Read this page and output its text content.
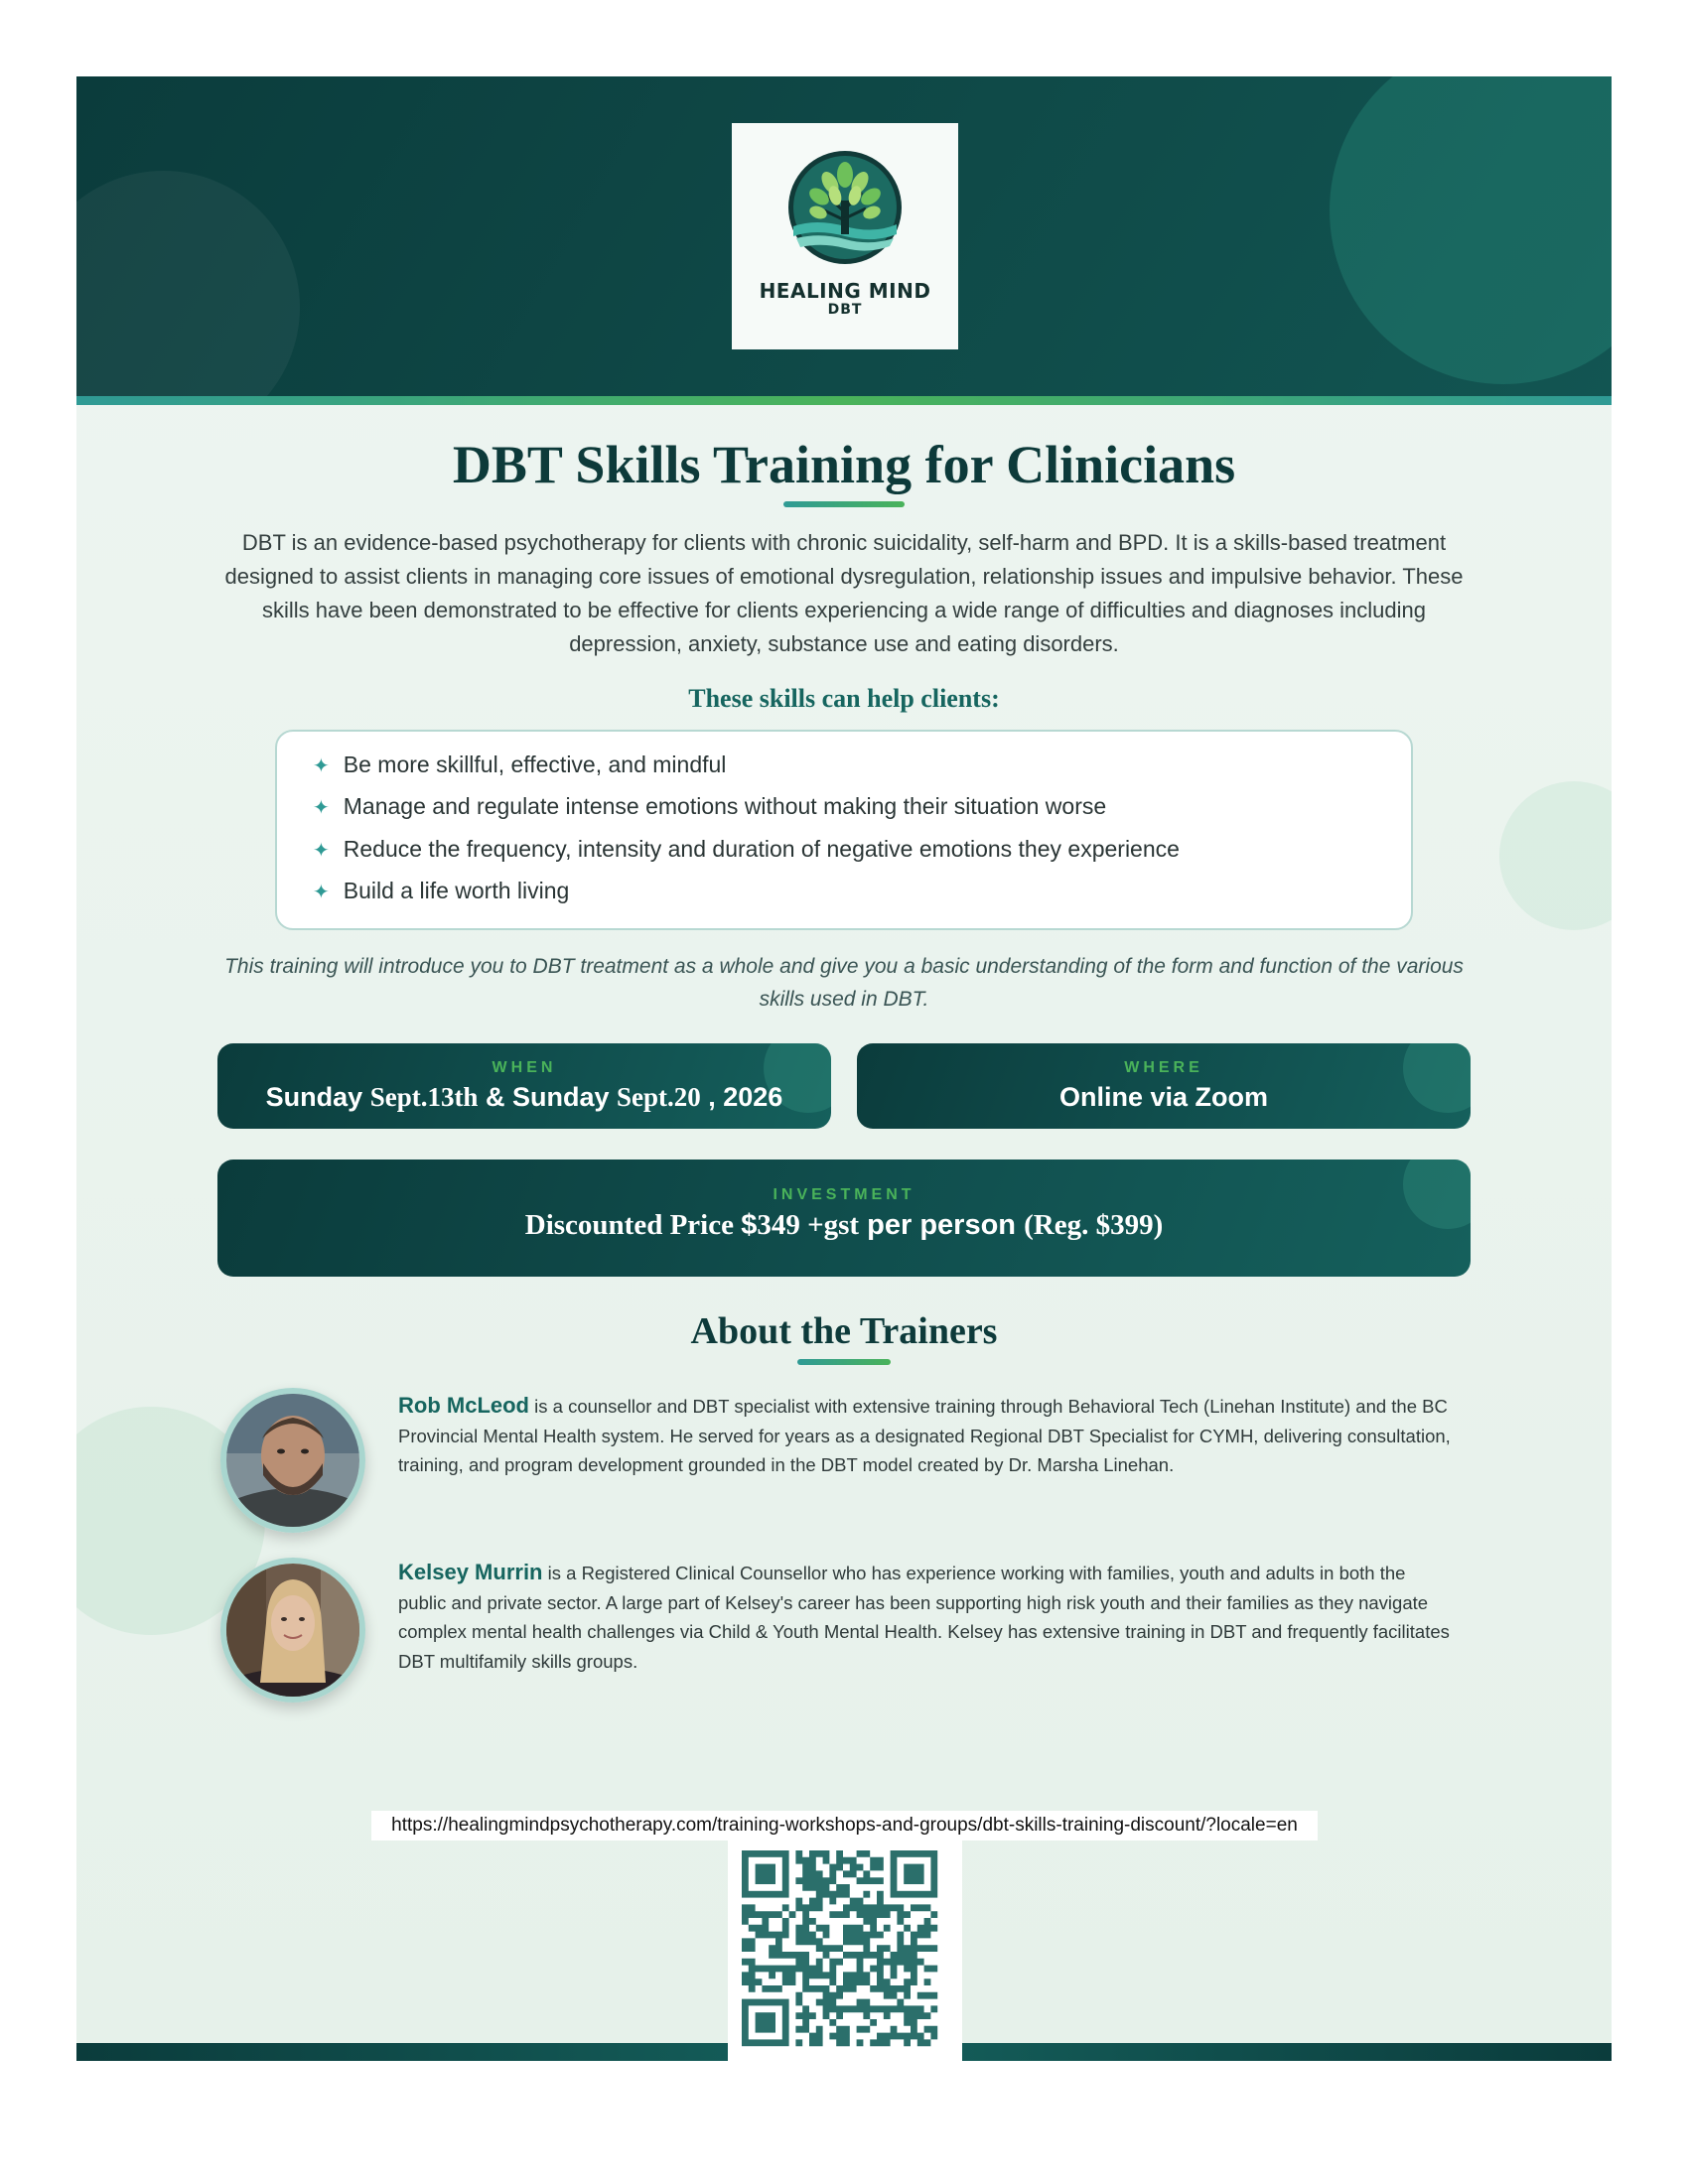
HEALING MIND
DBT
DBT Skills Training for Clinicians

DBT is an evidence-based psychotherapy for clients with chronic suicidality, self-harm and BPD. It is a skills-based treatment designed to assist clients in managing core issues of emotional dysregulation, relationship issues and impulsive behavior. These skills have been demonstrated to be effective for clients experiencing a wide range of difficulties and diagnoses including depression, anxiety, substance use and eating disorders.

These skills can help clients:
✦ Be more skillful, effective, and mindful
✦ Manage and regulate intense emotions without making their situation worse
✦ Reduce the frequency, intensity and duration of negative emotions they experience
✦ Build a life worth living

This training will introduce you to DBT treatment as a whole and give you a basic understanding of the form and function of the various skills used in DBT.

WHEN
Sunday Sept.13th & Sunday Sept.20 , 2026
WHERE
Online via Zoom
INVESTMENT
Discounted Price $349 +gst per person (Reg. $399)
About the Trainers

Rob McLeod is a counsellor and DBT specialist with extensive training through Behavioral Tech (Linehan Institute) and the BC Provincial Mental Health system. He served for years as a designated Regional DBT Specialist for CYMH, delivering consultation, training, and program development grounded in the DBT model created by Dr. Marsha Linehan.

Kelsey Murrin is a Registered Clinical Counsellor who has experience working with families, youth and adults in both the public and private sector. A large part of Kelsey's career has been supporting high risk youth and their families as they navigate complex mental health challenges via Child & Youth Mental Health. Kelsey has extensive training in DBT and frequently facilitates DBT multifamily skills groups.

https://healingmindpsychotherapy.com/training-workshops-and-groups/dbt-skills-training-discount/?locale=en
